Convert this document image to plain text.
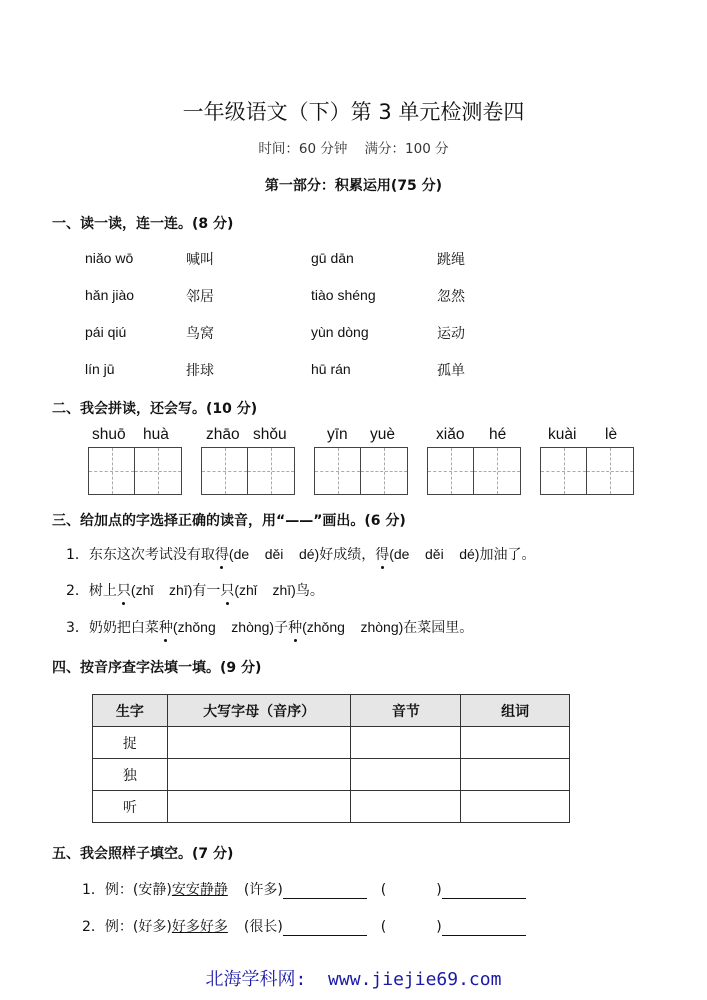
一年级语文（下）第 3 单元检测卷四
时间：60 分钟    满分：100 分
第一部分：积累运用(75 分)
一、读一读，连一连。(8 分)
niǎo wō	喊叫	gū dān	跳绳
hǎn jiào	邻居	tiào shéng	忽然
pái qiú	鸟窝	yùn dòng	运动
lín jū	排球	hū rán	孤单
二、我会拼读，还会写。(10 分)
shuō huà zhāo shǒu	yīn yuè	xiǎo hé	kuài lè
三、给加点的字选择正确的读音，用“——”画出。(6 分)
1．东东这次考试没有取得(de    děi    dé)好成绩，得(de    děi    dé)加油了。
2．树上只(zhǐ    zhī)有一只(zhǐ    zhī)鸟。
3．奶奶把白菜种(zhǒng    zhòng)子种(zhǒng    zhòng)在菜园里。
四、按音序查字法填一填。(9 分)
生字	大写字母（音序）	音节	组词
捉			
独			
听			
五、我会照样子填空。(7 分)
1．例：(安静)安安静静 (许多)	(	)
2．例：(好多)好多好多 (很长)	(	)
北海学科网:  www.jiejie69.com
